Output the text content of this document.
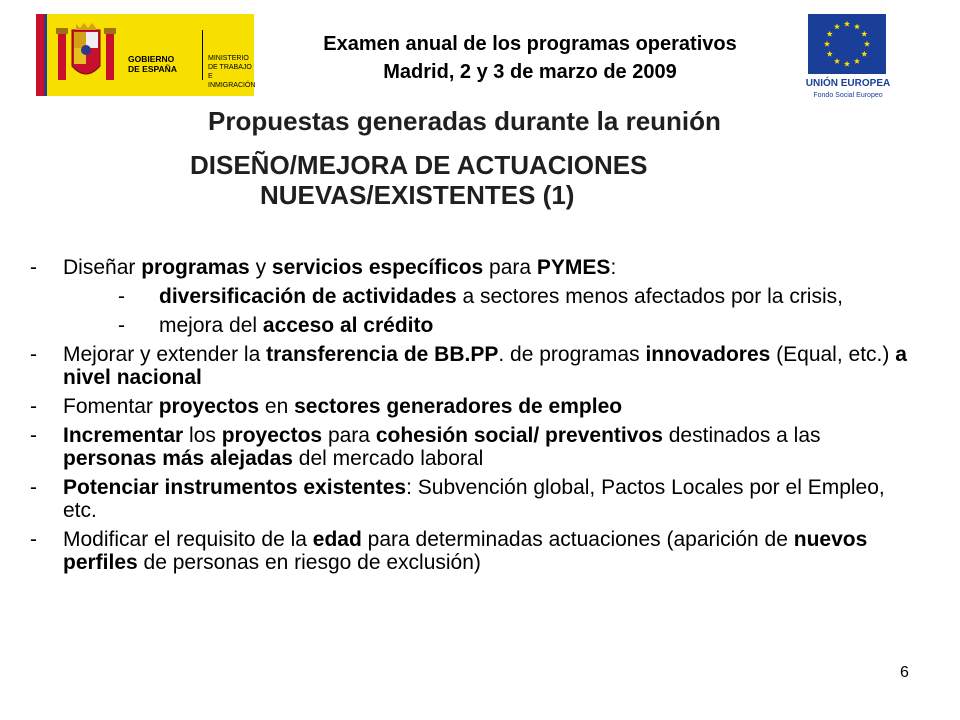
GOBIERNO
DE ESPAÑA
MINISTERIO
DE TRABAJO
E INMIGRACIÓN
Examen anual de los programas operativos
Madrid, 2 y 3 de marzo de 2009
UNIÓN EUROPEA
Fondo Social Europeo
Propuestas generadas durante la reunión
DISEÑO/MEJORA DE ACTUACIONES
NUEVAS/EXISTENTES (1)
- Diseñar programas y servicios específicos para PYMES:
- diversificación de actividades a sectores menos afectados por la crisis,
- mejora del acceso al crédito
- Mejorar y extender la transferencia de BB.PP. de programas innovadores (Equal, etc.) a nivel nacional
- Fomentar proyectos en sectores generadores de empleo
- Incrementar los proyectos para cohesión social/ preventivos destinados a las personas más alejadas del mercado laboral
- Potenciar instrumentos existentes: Subvención global, Pactos Locales por el Empleo, etc.
- Modificar el requisito de la edad para determinadas actuaciones (aparición de nuevos perfiles de personas en riesgo de exclusión)
6
